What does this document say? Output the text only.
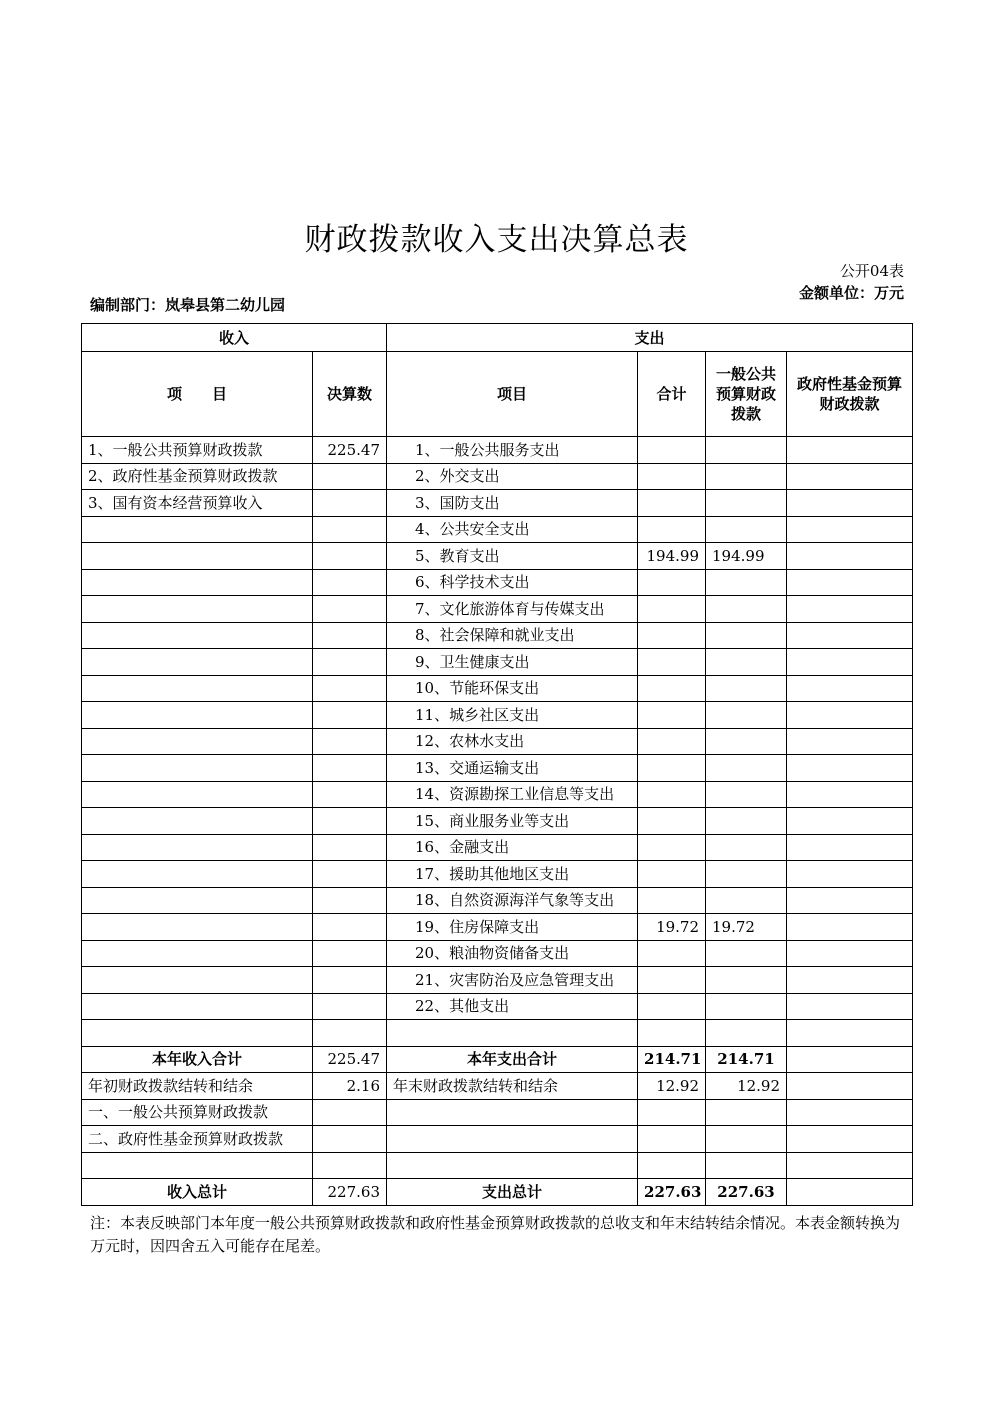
财政拨款收入支出决算总表
公开04表
金额单位：万元
编制部门：岚皋县第二幼儿园
收入		支出			
项　　目	决算数	项目	合计	一般公共预算财政拨款	政府性基金预算财政拨款
1、一般公共预算财政拨款	225.47	1、一般公共服务支出			
2、政府性基金预算财政拨款		2、外交支出			
3、国有资本经营预算收入		3、国防支出			
		4、公共安全支出			
		5、教育支出	194.99	194.99	
		6、科学技术支出			
		7、文化旅游体育与传媒支出			
		8、社会保障和就业支出			
		9、卫生健康支出			
		10、节能环保支出			
		11、城乡社区支出			
		12、农林水支出			
		13、交通运输支出			
		14、资源勘探工业信息等支出			
		15、商业服务业等支出			
		16、金融支出			
		17、援助其他地区支出			
		18、自然资源海洋气象等支出			
		19、住房保障支出	19.72	19.72	
		20、粮油物资储备支出			
		21、灾害防治及应急管理支出			
		22、其他支出			

本年收入合计	225.47	本年支出合计	214.71	214.71	
年初财政拨款结转和结余	2.16	年末财政拨款结转和结余	12.92	12.92	
一、一般公共预算财政拨款					
二、政府性基金预算财政拨款					

收入总计	227.63	支出总计	227.63	227.63	
注：本表反映部门本年度一般公共预算财政拨款和政府性基金预算财政拨款的总收支和年末结转结余情况。本表金额转换为万元时，因四舍五入可能存在尾差。
